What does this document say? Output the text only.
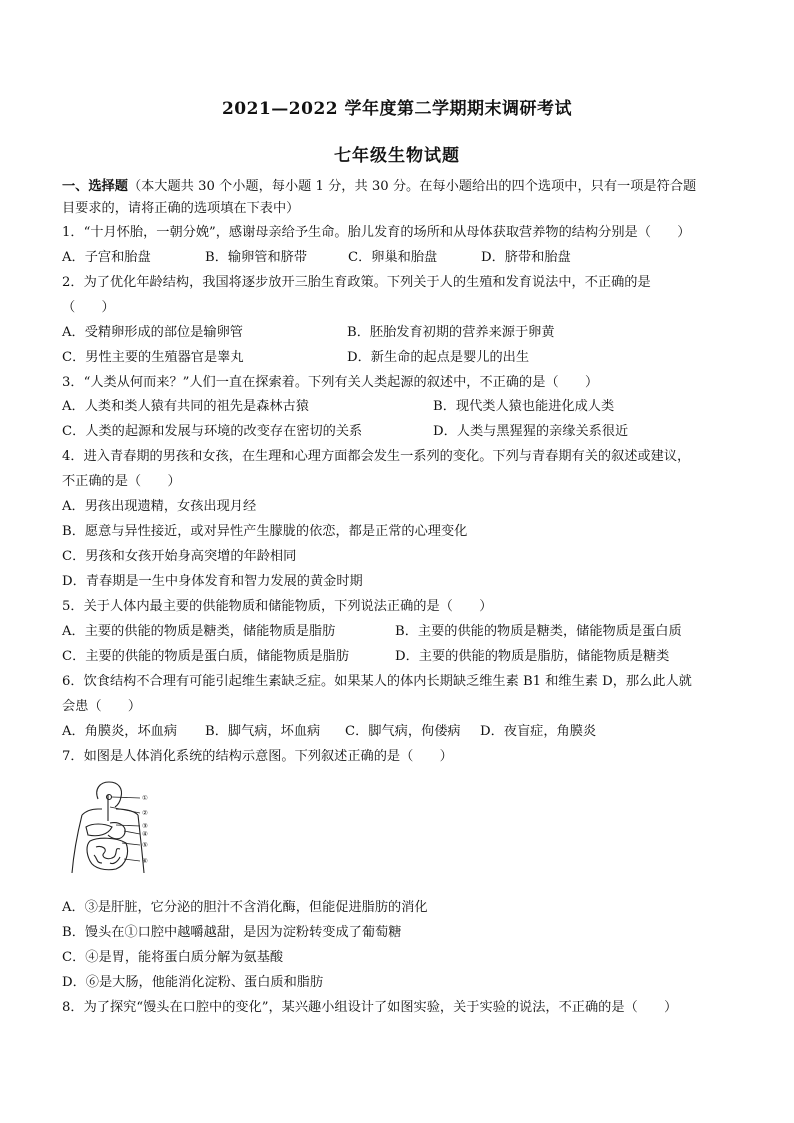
2021—2022 学年度第二学期期末调研考试
七年级生物试题
一、选择题（本大题共 30 个小题，每小题 1 分，共 30 分。在每小题给出的四个选项中，只有一项是符合题
目要求的，请将正确的选项填在下表中）
1．“十月怀胎，一朝分娩”，感谢母亲给予生命。胎儿发育的场所和从母体获取营养物的结构分别是（　　）
A．子宫和胎盘	B．输卵管和脐带	C．卵巢和胎盘	D．脐带和胎盘
2．为了优化年龄结构，我国将逐步放开三胎生育政策。下列关于人的生殖和发育说法中，不正确的是
（　　）
A．受精卵形成的部位是输卵管	B．胚胎发育初期的营养来源于卵黄
C．男性主要的生殖器官是睾丸	D．新生命的起点是婴儿的出生
3．“人类从何而来？”人们一直在探索着。下列有关人类起源的叙述中，不正确的是（　　）
A．人类和类人猿有共同的祖先是森林古猿	B．现代类人猿也能进化成人类
C．人类的起源和发展与环境的改变存在密切的关系	D．人类与黑猩猩的亲缘关系很近
4．进入青春期的男孩和女孩，在生理和心理方面都会发生一系列的变化。下列与青春期有关的叙述或建议，
不正确的是（　　）
A．男孩出现遗精，女孩出现月经
B．愿意与异性接近，或对异性产生朦胧的依恋，都是正常的心理变化
C．男孩和女孩开始身高突增的年龄相同
D．青春期是一生中身体发育和智力发展的黄金时期
5．关于人体内最主要的供能物质和储能物质，下列说法正确的是（　　）
A．主要的供能的物质是糖类，储能物质是脂肪	B．主要的供能的物质是糖类，储能物质是蛋白质
C．主要的供能的物质是蛋白质，储能物质是脂肪	D．主要的供能的物质是脂肪，储能物质是糖类
6．饮食结构不合理有可能引起维生素缺乏症。如果某人的体内长期缺乏维生素 B1 和维生素 D，那么此人就
会患（　　）
A．角膜炎，坏血病 B．脚气病，坏血病 C．脚气病，佝偻病 D．夜盲症，角膜炎
7．如图是人体消化系统的结构示意图。下列叙述正确的是（　　）
①
②
③
④
⑤
⑥
A．③是肝脏，它分泌的胆汁不含消化酶，但能促进脂肪的消化
B．馒头在①口腔中越嚼越甜，是因为淀粉转变成了葡萄糖
C．④是胃，能将蛋白质分解为氨基酸
D．⑥是大肠，他能消化淀粉、蛋白质和脂肪
8．为了探究“馒头在口腔中的变化”，某兴趣小组设计了如图实验，关于实验的说法，不正确的是（　　）
